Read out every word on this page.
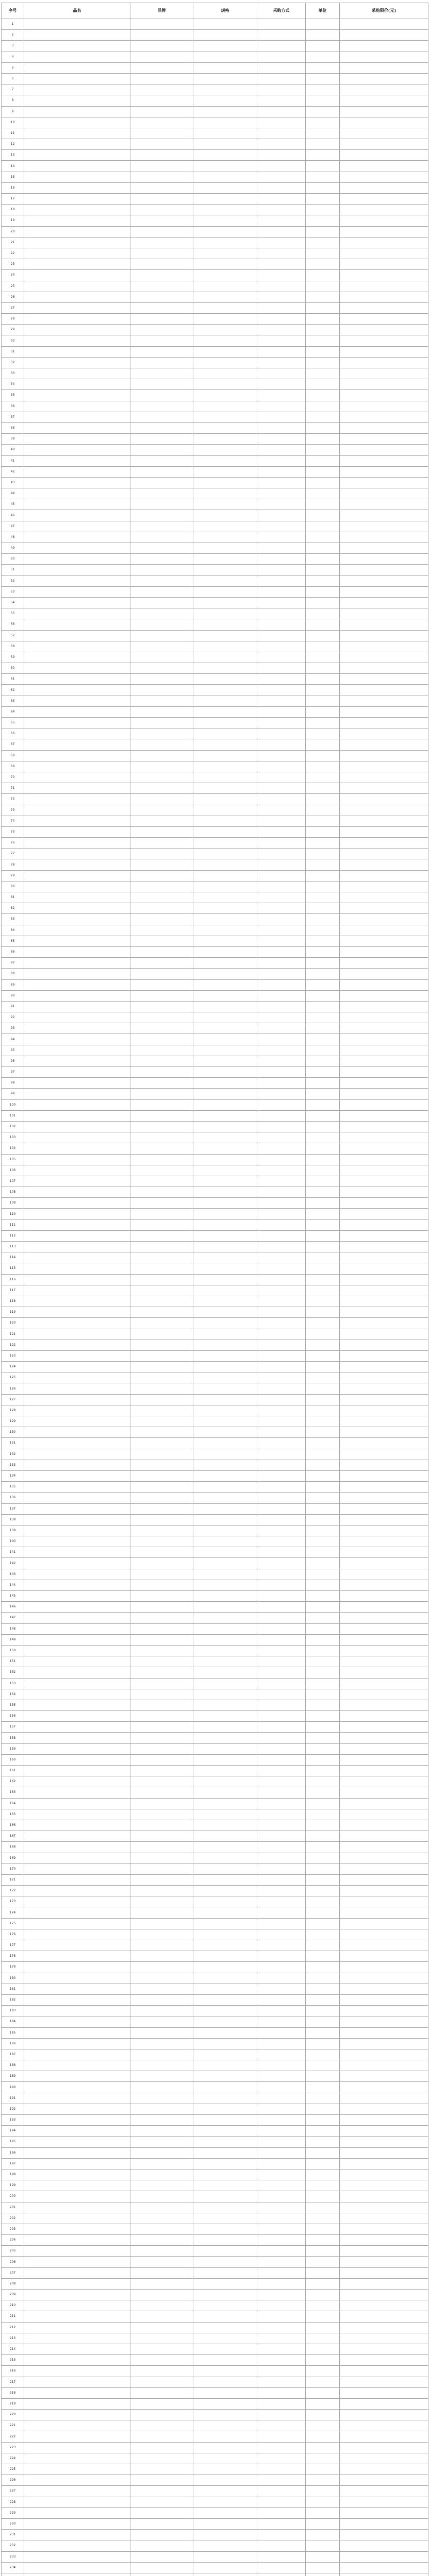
序号	品名	品牌	规格	采购方式	单位	采购限价(元)
1						
2						
3						
4						
5						
6						
7						
8						
9						
10						
11						
12						
13						
14						
15						
16						
17						
18						
19						
20						
21						
22						
23						
24						
25						
26						
27						
28						
29						
30						
31						
32						
33						
34						
35						
36						
37						
38						
39						
40						
41						
42						
43						
44						
45						
46						
47						
48						
49						
50						
51						
52						
53						
54						
55						
56						
57						
58						
59						
60						
61						
62						
63						
64						
65						
66						
67						
68						
69						
70						
71						
72						
73						
74						
75						
76						
77						
78						
79						
80						
81						
82						
83						
84						
85						
86						
87						
88						
89						
90						
91						
92						
93						
94						
95						
96						
97						
98						
99						
100						
101						
102						
103						
104						
105						
106						
107						
108						
109						
110						
111						
112						
113						
114						
115						
116						
117						
118						
119						
120						
121						
122						
123						
124						
125						
126						
127						
128						
129						
130						
131						
132						
133						
134						
135						
136						
137						
138						
139						
140						
141						
142						
143						
144						
145						
146						
147						
148						
149						
150						
151						
152						
153						
154						
155						
156						
157						
158						
159						
160						
161						
162						
163						
164						
165						
166						
167						
168						
169						
170						
171						
172						
173						
174						
175						
176						
177						
178						
179						
180						
181						
182						
183						
184						
185						
186						
187						
188						
189						
190						
191						
192						
193						
194						
195						
196						
197						
198						
199						
200						
201						
202						
203						
204						
205						
206						
207						
208						
209						
210						
211						
212						
213						
214						
215						
216						
217						
218						
219						
220						
221						
222						
223						
224						
225						
226						
227						
228						
229						
230						
231						
232						
233						
234						
